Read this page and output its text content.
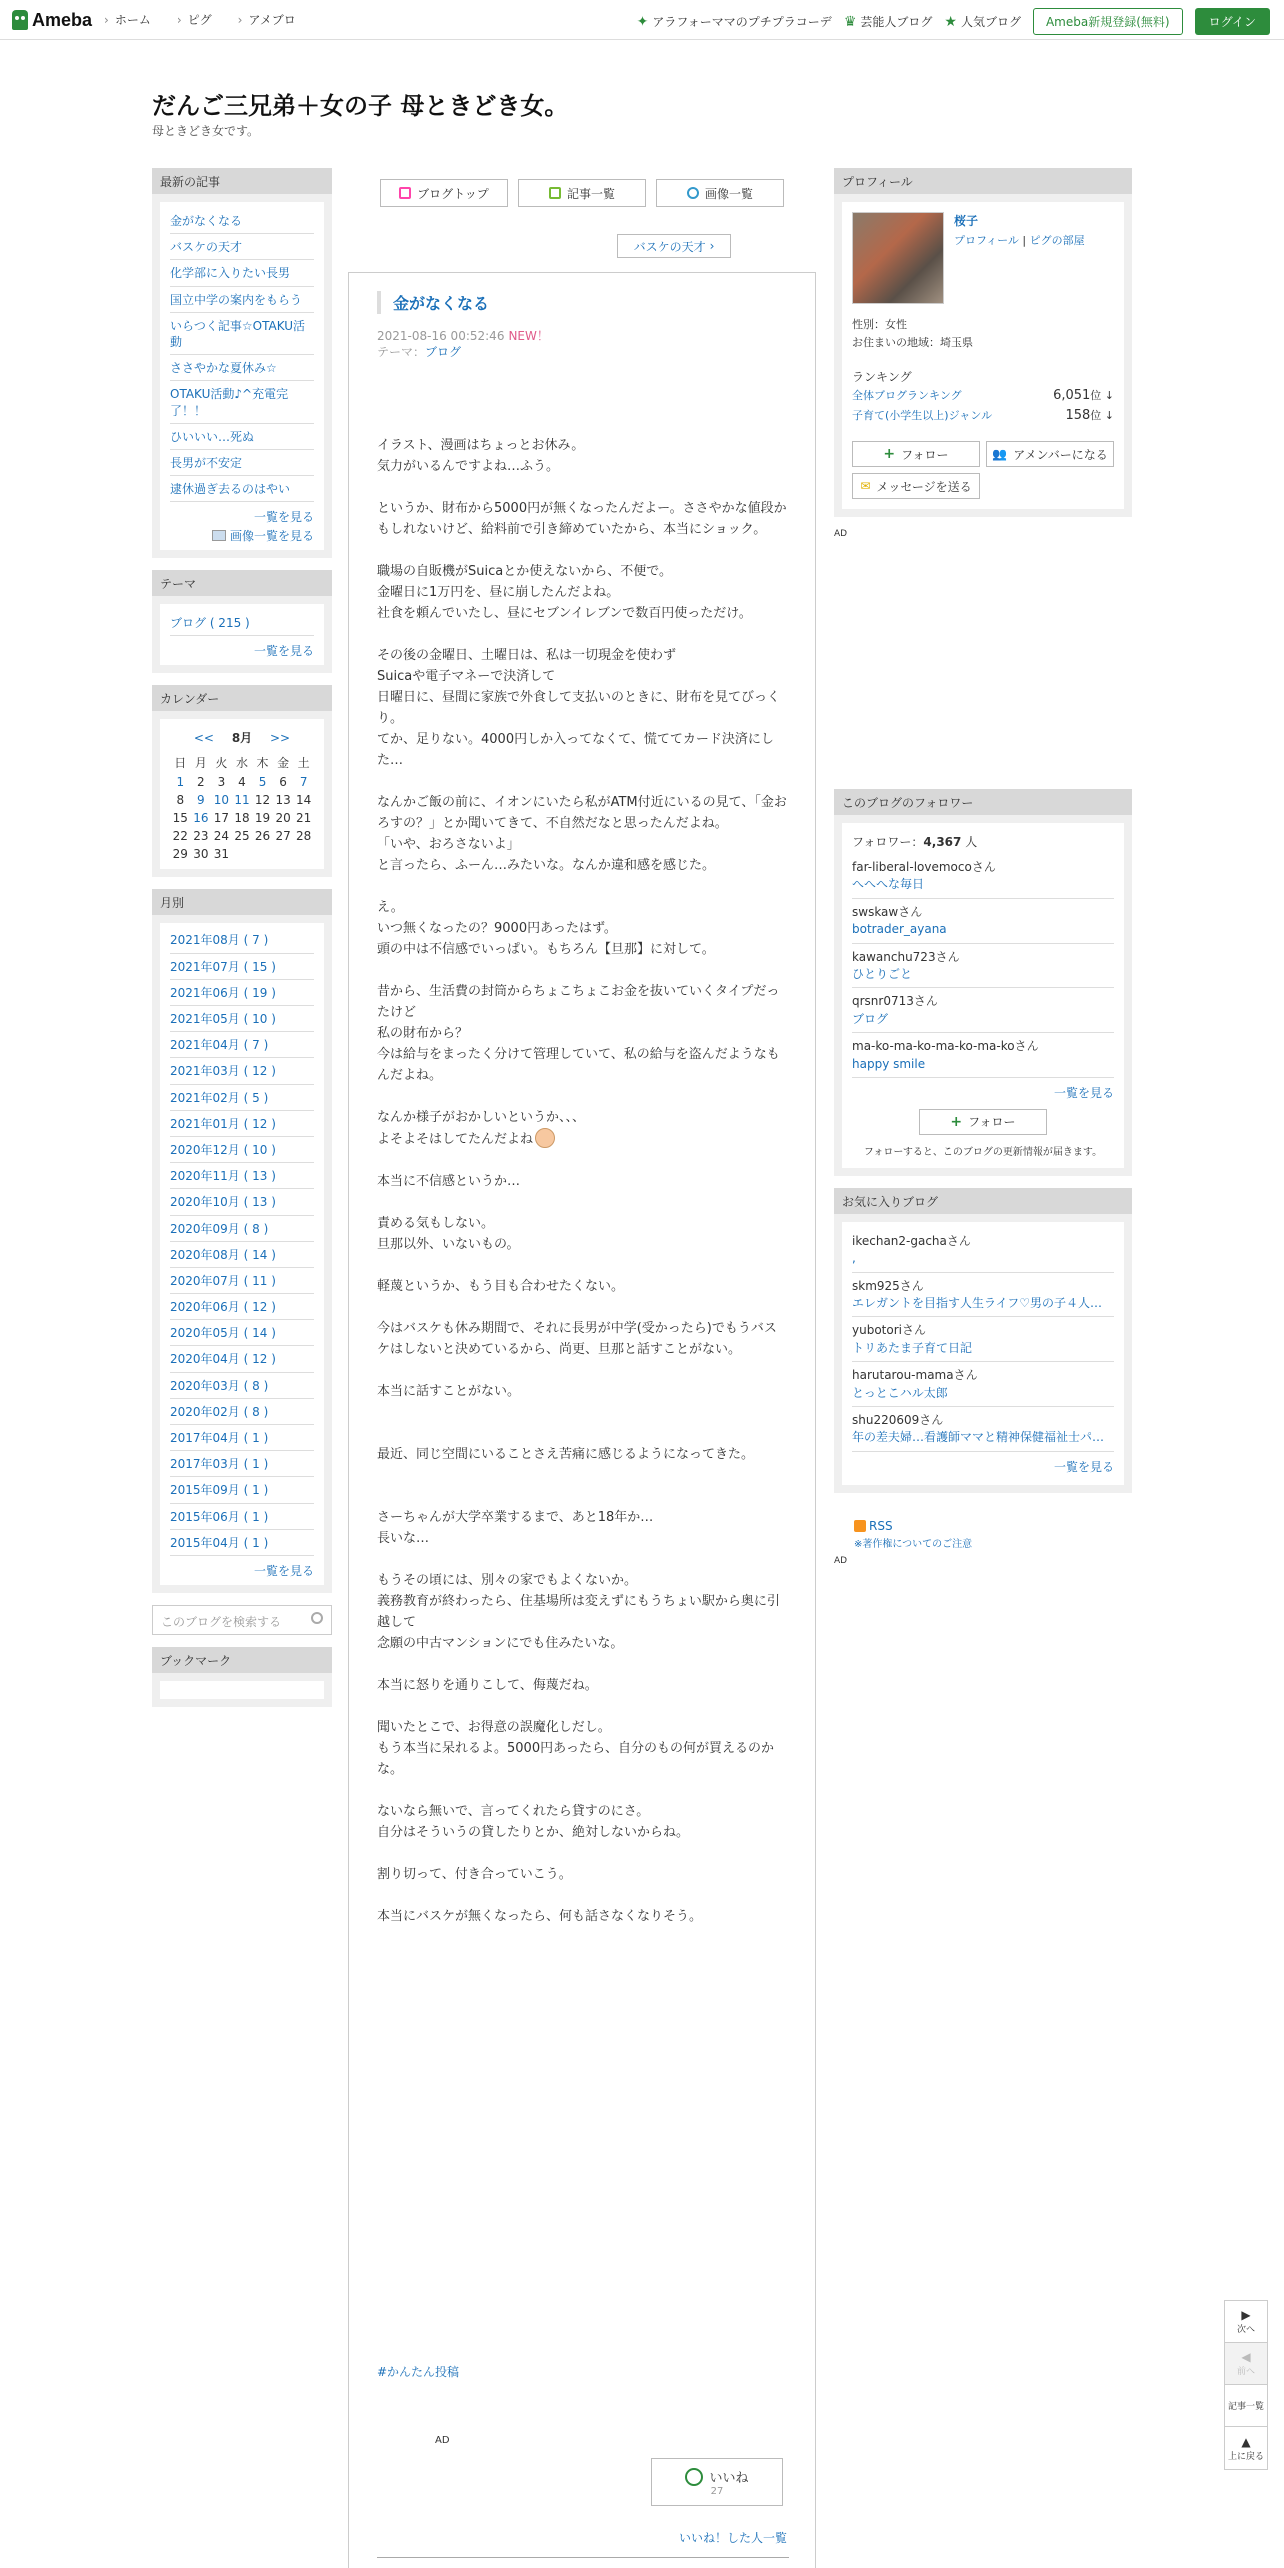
Ameba	› ホーム	› ピグ	› アメブロ	✦ アラフォーママのプチプラコーデ ♛ 芸能人ブログ ★ 人気ブログ	Ameba新規登録(無料)	ログイン
だんご三兄弟＋女の子 母ときどき女。
母ときどき女です。
最新の記事
金がなくなる
バスケの天才
化学部に入りたい長男
国立中学の案内をもらう
いらつく記事☆OTAKU活動
ささやかな夏休み☆
OTAKU活動♪^充電完了！！
ひいいい…死ぬ
長男が不安定
逮休過ぎ去るのはやい
一覧を見る
画像一覧を見る
テーマ
ブログ ( 215 )
一覧を見る
カレンダー
<< 8月 >>
日	月	火	水	木	金	土
1	2	3	4	5	6	7
8	9	10	11	12	13	14
15	16	17	18	19	20	21
22	23	24	25	26	27	28
29	30	31				
月別
2021年08月 ( 7 )
2021年07月 ( 15 )
2021年06月 ( 19 )
2021年05月 ( 10 )
2021年04月 ( 7 )
2021年03月 ( 12 )
2021年02月 ( 5 )
2021年01月 ( 12 )
2020年12月 ( 10 )
2020年11月 ( 13 )
2020年10月 ( 13 )
2020年09月 ( 8 )
2020年08月 ( 14 )
2020年07月 ( 11 )
2020年06月 ( 12 )
2020年05月 ( 14 )
2020年04月 ( 12 )
2020年03月 ( 8 )
2020年02月 ( 8 )
2017年04月 ( 1 )
2017年03月 ( 1 )
2015年09月 ( 1 )
2015年06月 ( 1 )
2015年04月 ( 1 )
一覧を見る
このブログを検索する
ブックマーク
ブログトップ	記事一覧	画像一覧
バスケの天才 ›
金がなくなる
2021-08-16 00:52:46 NEW！
テーマ：ブログ

イラスト、漫画はちょっとお休み。
気力がいるんですよね…ふう。

というか、財布から5000円が無くなったんだよー。ささやかな値段かもしれないけど、給料前で引き締めていたから、本当にショック。

職場の自販機がSuicaとか使えないから、不便で。
金曜日に1万円を、昼に崩したんだよね。
社食を頼んでいたし、昼にセブンイレブンで数百円使っただけ。

その後の金曜日、土曜日は、私は一切現金を使わず
Suicaや電子マネーで決済して
日曜日に、昼間に家族で外食して支払いのときに、財布を見てびっくり。
てか、足りない。4000円しか入ってなくて、慌ててカード決済にした…

なんかご飯の前に、イオンにいたら私がATM付近にいるの見て、「金おろすの？」とか聞いてきて、不自然だなと思ったんだよね。
「いや、おろさないよ」
と言ったら、ふーん…みたいな。なんか違和感を感じた。

え。
いつ無くなったの？9000円あったはず。
頭の中は不信感でいっぱい。もちろん【旦那】に対して。

昔から、生活費の封筒からちょこちょこお金を抜いていくタイプだったけど
私の財布から？
今は給与をまったく分けて管理していて、私の給与を盗んだようなもんだよね。

なんか様子がおかしいというか、、、
よそよそはしてたんだよね

本当に不信感というか…

責める気もしない。
旦那以外、いないもの。

軽蔑というか、もう目も合わせたくない。

今はバスケも休み期間で、それに長男が中学(受かったら)でもうバスケはしないと決めているから、尚更、旦那と話すことがない。

本当に話すことがない。

最近、同じ空間にいることさえ苦痛に感じるようになってきた。

さーちゃんが大学卒業するまで、あと18年か…
長いな…

もうその頃には、別々の家でもよくないか。
義務教育が終わったら、住基場所は変えずにもうちょい駅から奥に引越して
念願の中古マンションにでも住みたいな。

本当に怒りを通りこして、侮蔑だね。

聞いたとこで、お得意の誤魔化しだし。
もう本当に呆れるよ。5000円あったら、自分のもの何が買えるのかな。

ないなら無いで、言ってくれたら貸すのにさ。
自分はそういうの貸したりとか、絶対しないからね。

割り切って、付き合っていこう。

本当にバスケが無くなったら、何も話さなくなりそう。

#かんたん投稿
AD
いいね
27
いいね！した人一覧
プロフィール
桜子
プロフィール | ピグの部屋
性別：女性
お住まいの地域：埼玉県
ランキング
全体ブログランキング	6,051位 ↓
子育て(小学生以上)ジャンル	158位 ↓
+ フォロー	👥 アメンバーになる
✉ メッセージを送る
AD
このブログのフォロワー
フォロワー：4,367 人
far-liberal-lovemocoさん
へへへな毎日
swskawさん
botrader_ayana
kawanchu723さん
ひとりごと
qrsnr0713さん
ブログ
ma-ko-ma-ko-ma-ko-ma-koさん
happy smile
一覧を見る
+ フォロー
フォローすると、このブログの更新情報が届きます。
お気に入りブログ
ikechan2-gachaさん
,
skm925さん
エレガントを目指す人生ライフ♡男の子４人…
yubotoriさん
トリあたま子育て日記
harutarou-mamaさん
とっとこハル太郎
shu220609さん
年の差夫婦…看護師ママと精神保健福祉士パ…
一覧を見る
RSS
※著作権についてのご注意
AD
▶
次へ
◀
前へ
記事一覧
▲
上に戻る
